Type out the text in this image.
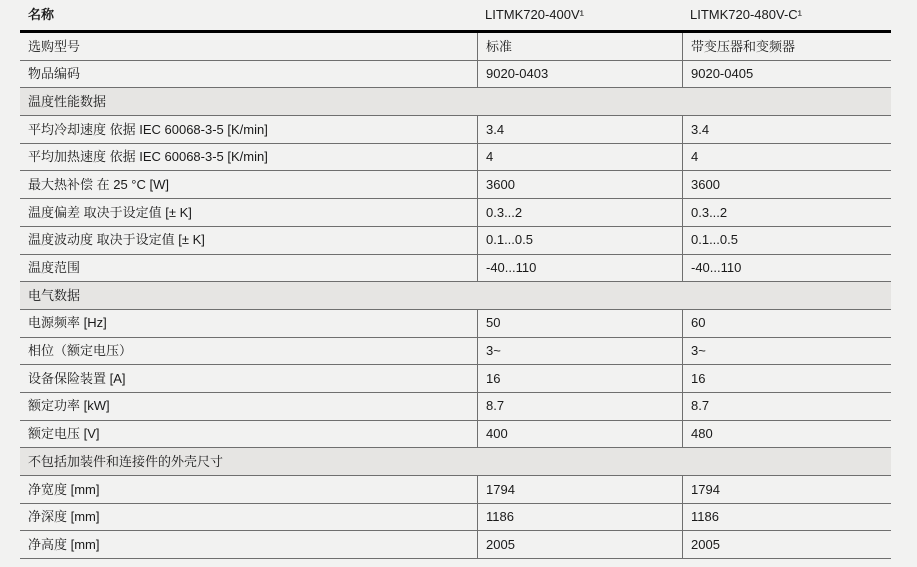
名称	LITMK720-400V¹	LITMK720-480V-C¹
选购型号	标准	带变压器和变频器
物品编码	9020-0403	9020-0405
温度性能数据
平均冷却速度 依据 IEC 60068-3-5 [K/min]	3.4	3.4
平均加热速度 依据 IEC 60068-3-5 [K/min]	4	4
最大热补偿 在 25 °C [W]	3600	3600
温度偏差 取决于设定值 [± K]	0.3...2	0.3...2
温度波动度 取决于设定值 [± K]	0.1...0.5	0.1...0.5
温度范围	-40...110	-40...110
电气数据
电源频率 [Hz]	50	60
相位（额定电压）	3~	3~
设备保险装置 [A]	16	16
额定功率 [kW]	8.7	8.7
额定电压 [V]	400	480
不包括加装件和连接件的外壳尺寸
净宽度 [mm]	1794	1794
净深度 [mm]	1186	1186
净高度 [mm]	2005	2005
